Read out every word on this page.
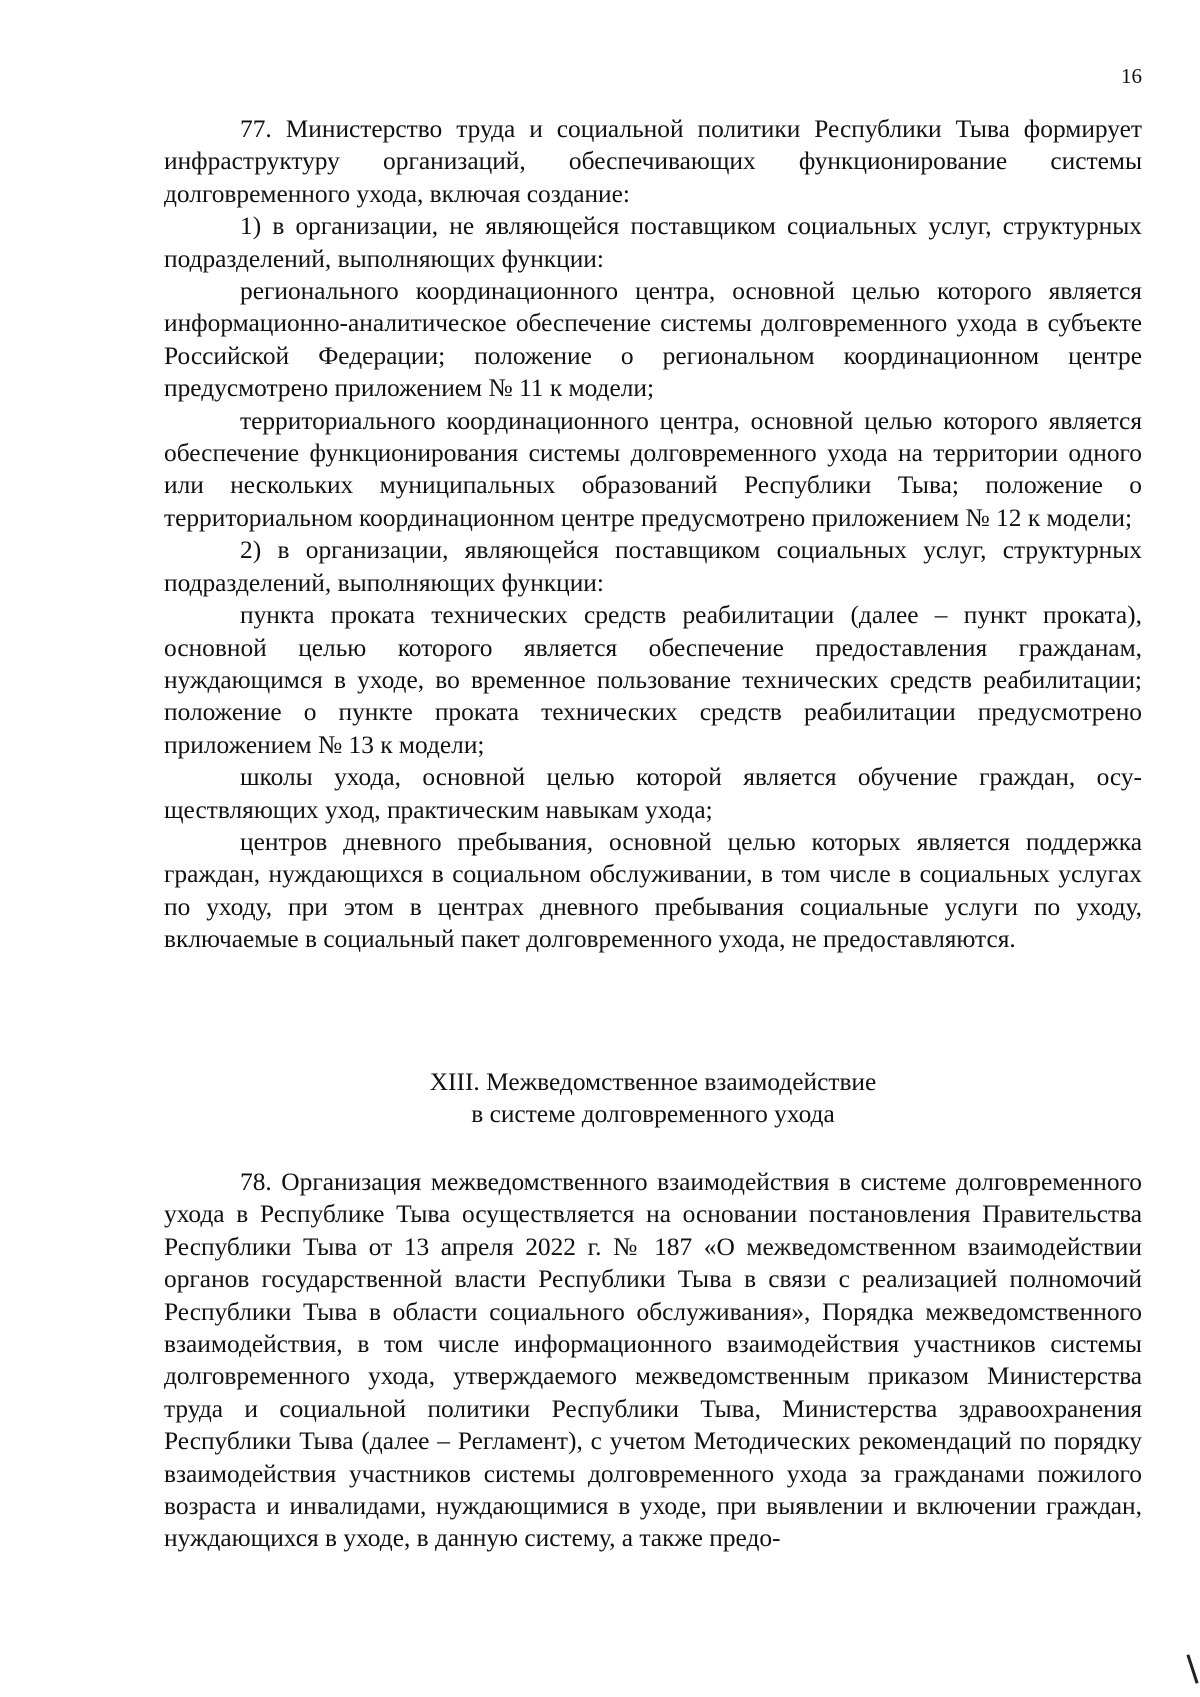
16

77. Министерство труда и социальной политики Республики Тыва формирует инфраструктуру организаций, обеспечивающих функционирование системы долговременного ухода, включая создание:

1) в организации, не являющейся поставщиком социальных услуг, структурных подразделений, выполняющих функции:

регионального координационного центра, основной целью которого является информационно-аналитическое обеспечение системы долговременного ухода в субъекте Российской Федерации; положение о региональном координационном центре предусмотрено приложением № 11 к модели;

территориального координационного центра, основной целью которого является обеспечение функционирования системы долговременного ухода на территории одного или нескольких муниципальных образований Республики Тыва; положение о территориальном координационном центре предусмотрено приложением № 12 к модели;

2) в организации, являющейся поставщиком социальных услуг, структурных подразделений, выполняющих функции:

пункта проката технических средств реабилитации (далее – пункт проката), основной целью которого является обеспечение предоставления гражданам, нуждающимся в уходе, во временное пользование технических средств реабилитации; положение о пункте проката технических средств реабилитации предусмотрено приложением № 13 к модели;

школы ухода, основной целью которой является обучение граждан, осуществляющих уход, практическим навыкам ухода;

центров дневного пребывания, основной целью которых является поддержка граждан, нуждающихся в социальном обслуживании, в том числе в социальных услугах по уходу, при этом в центрах дневного пребывания социальные услуги по уходу, включаемые в социальный пакет долговременного ухода, не предоставляются.

XIII. Межведомственное взаимодействие
в системе долговременного ухода

78. Организация межведомственного взаимодействия в системе долговременного ухода в Республике Тыва осуществляется на основании постановления Правительства Республики Тыва от 13 апреля 2022 г. № 187 «О межведомственном взаимодействии органов государственной власти Республики Тыва в связи с реализацией полномочий Республики Тыва в области социального обслуживания», Порядка межведомственного взаимодействия, в том числе информационного взаимодействия участников системы долговременного ухода, утверждаемого межведомственным приказом Министерства труда и социальной политики Республики Тыва, Министерства здравоохранения Республики Тыва (далее – Регламент), с учетом Методических рекомендаций по порядку взаимодействия участников системы долговременного ухода за гражданами пожилого возраста и инвалидами, нуждающимися в уходе, при выявлении и включении граждан, нуждающихся в уходе, в данную систему, а также предо-
